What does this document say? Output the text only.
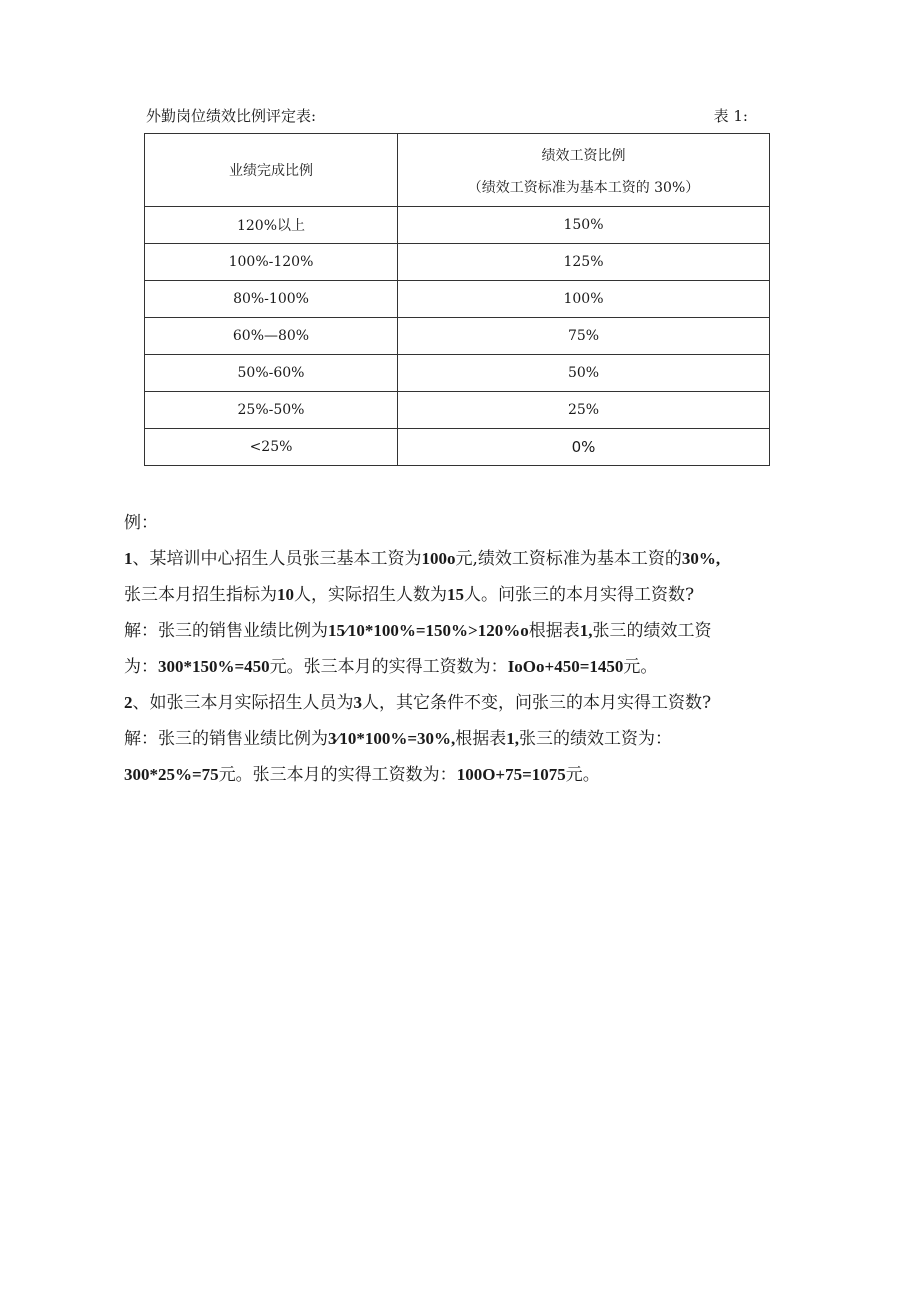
外勤岗位绩效比例评定表:	表 1:
业绩完成比例	绩效工资比例
（绩效工资标准为基本工资的 30%）

120%以上	150%
100%-120%	125%
80%-100%	100%
60%—80%	75%
50%-60%	50%
25%-50%	25%
<25%	0%

例：

1、某培训中心招生人员张三基本工资为100o元,绩效工资标准为基本工资的30%,

张三本月招生指标为10人，实际招生人数为15人。问张三的本月实得工资数?

解：张三的销售业绩比例为15⁄10*100%=150%>120%o根据表1,张三的绩效工资

为：300*150%=450元。张三本月的实得工资数为：IoOo+450=1450元。

2、如张三本月实际招生人员为3人，其它条件不变，问张三的本月实得工资数?

解：张三的销售业绩比例为3⁄10*100%=30%,根据表1,张三的绩效工资为：

300*25%=75元。张三本月的实得工资数为：100O+75=1075元。
